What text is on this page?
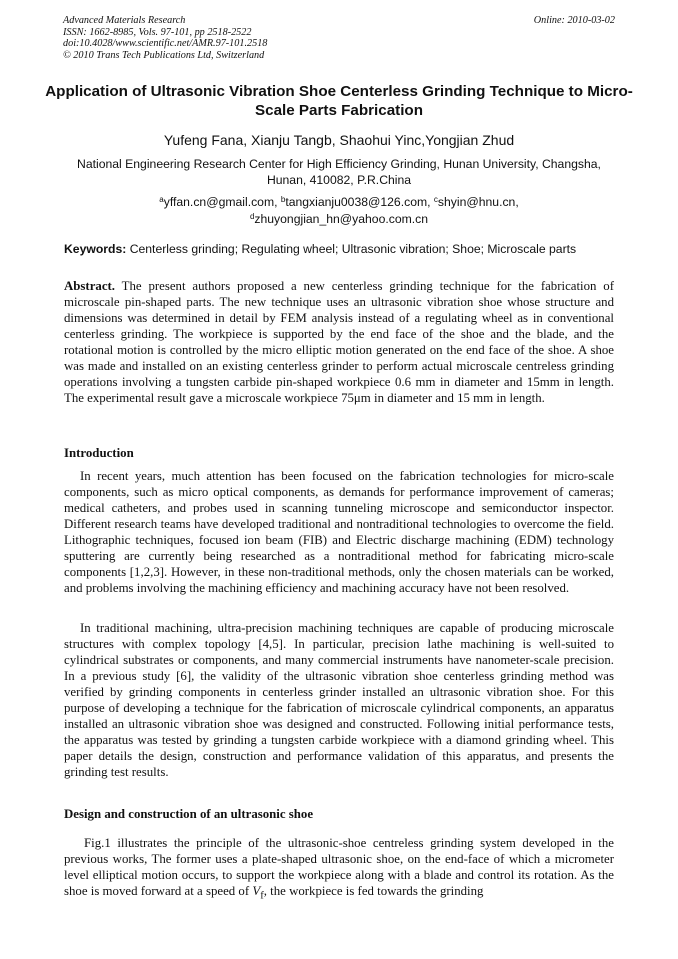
Advanced Materials Research
ISSN: 1662-8985, Vols. 97-101, pp 2518-2522
doi:10.4028/www.scientific.net/AMR.97-101.2518
© 2010 Trans Tech Publications Ltd, Switzerland
Online: 2010-03-02
Application of Ultrasonic Vibration Shoe Centerless Grinding Technique to Micro-Scale Parts Fabrication
Yufeng Fana, Xianju Tangb, Shaohui Yinc,Yongjian Zhud
National Engineering Research Center for High Efficiency Grinding, Hunan University, Changsha, Hunan, 410082, P.R.China
$^a$yffan.cn@gmail.com, $^b$tangxianju0038@126.com, $^c$shyin@hnu.cn,
$^d$zhuyongjian_hn@yahoo.com.cn
Keywords: Centerless grinding; Regulating wheel; Ultrasonic vibration; Shoe; Microscale parts
Abstract. The present authors proposed a new centerless grinding technique for the fabrication of microscale pin-shaped parts. The new technique uses an ultrasonic vibration shoe whose structure and dimensions was determined in detail by FEM analysis instead of a regulating wheel as in conventional centerless grinding. The workpiece is supported by the end face of the shoe and the blade, and the rotational motion is controlled by the micro elliptic motion generated on the end face of the shoe. A shoe was made and installed on an existing centerless grinder to perform actual microscale centreless grinding operations involving a tungsten carbide pin-shaped workpiece 0.6 mm in diameter and 15mm in length. The experimental result gave a microscale workpiece 75μm in diameter and 15 mm in length.
Introduction
In recent years, much attention has been focused on the fabrication technologies for micro-scale components, such as micro optical components, as demands for performance improvement of cameras; medical catheters, and probes used in scanning tunneling microscope and semiconductor inspector. Different research teams have developed traditional and nontraditional technologies to overcome the field. Lithographic techniques, focused ion beam (FIB) and Electric discharge machining (EDM) technology sputtering are currently being researched as a nontraditional method for fabricating micro-scale components [1,2,3]. However, in these non-traditional methods, only the chosen materials can be worked, and problems involving the machining efficiency and machining accuracy have not been resolved.
In traditional machining, ultra-precision machining techniques are capable of producing microscale structures with complex topology [4,5]. In particular, precision lathe machining is well-suited to cylindrical substrates or components, and many commercial instruments have nanometer-scale precision. In a previous study [6], the validity of the ultrasonic vibration shoe centerless grinding method was verified by grinding components in centerless grinder installed an ultrasonic vibration shoe. For this purpose of developing a technique for the fabrication of microscale cylindrical components, an apparatus installed an ultrasonic vibration shoe was designed and constructed. Following initial performance tests, the apparatus was tested by grinding a tungsten carbide workpiece with a diamond grinding wheel. This paper details the design, construction and performance validation of this apparatus, and presents the grinding test results.
Design and construction of an ultrasonic shoe
Fig.1 illustrates the principle of the ultrasonic-shoe centreless grinding system developed in the previous works, The former uses a plate-shaped ultrasonic shoe, on the end-face of which a micrometer level elliptical motion occurs, to support the workpiece along with a blade and control its rotation. As the shoe is moved forward at a speed of $V_f$, the workpiece is fed towards the grinding
